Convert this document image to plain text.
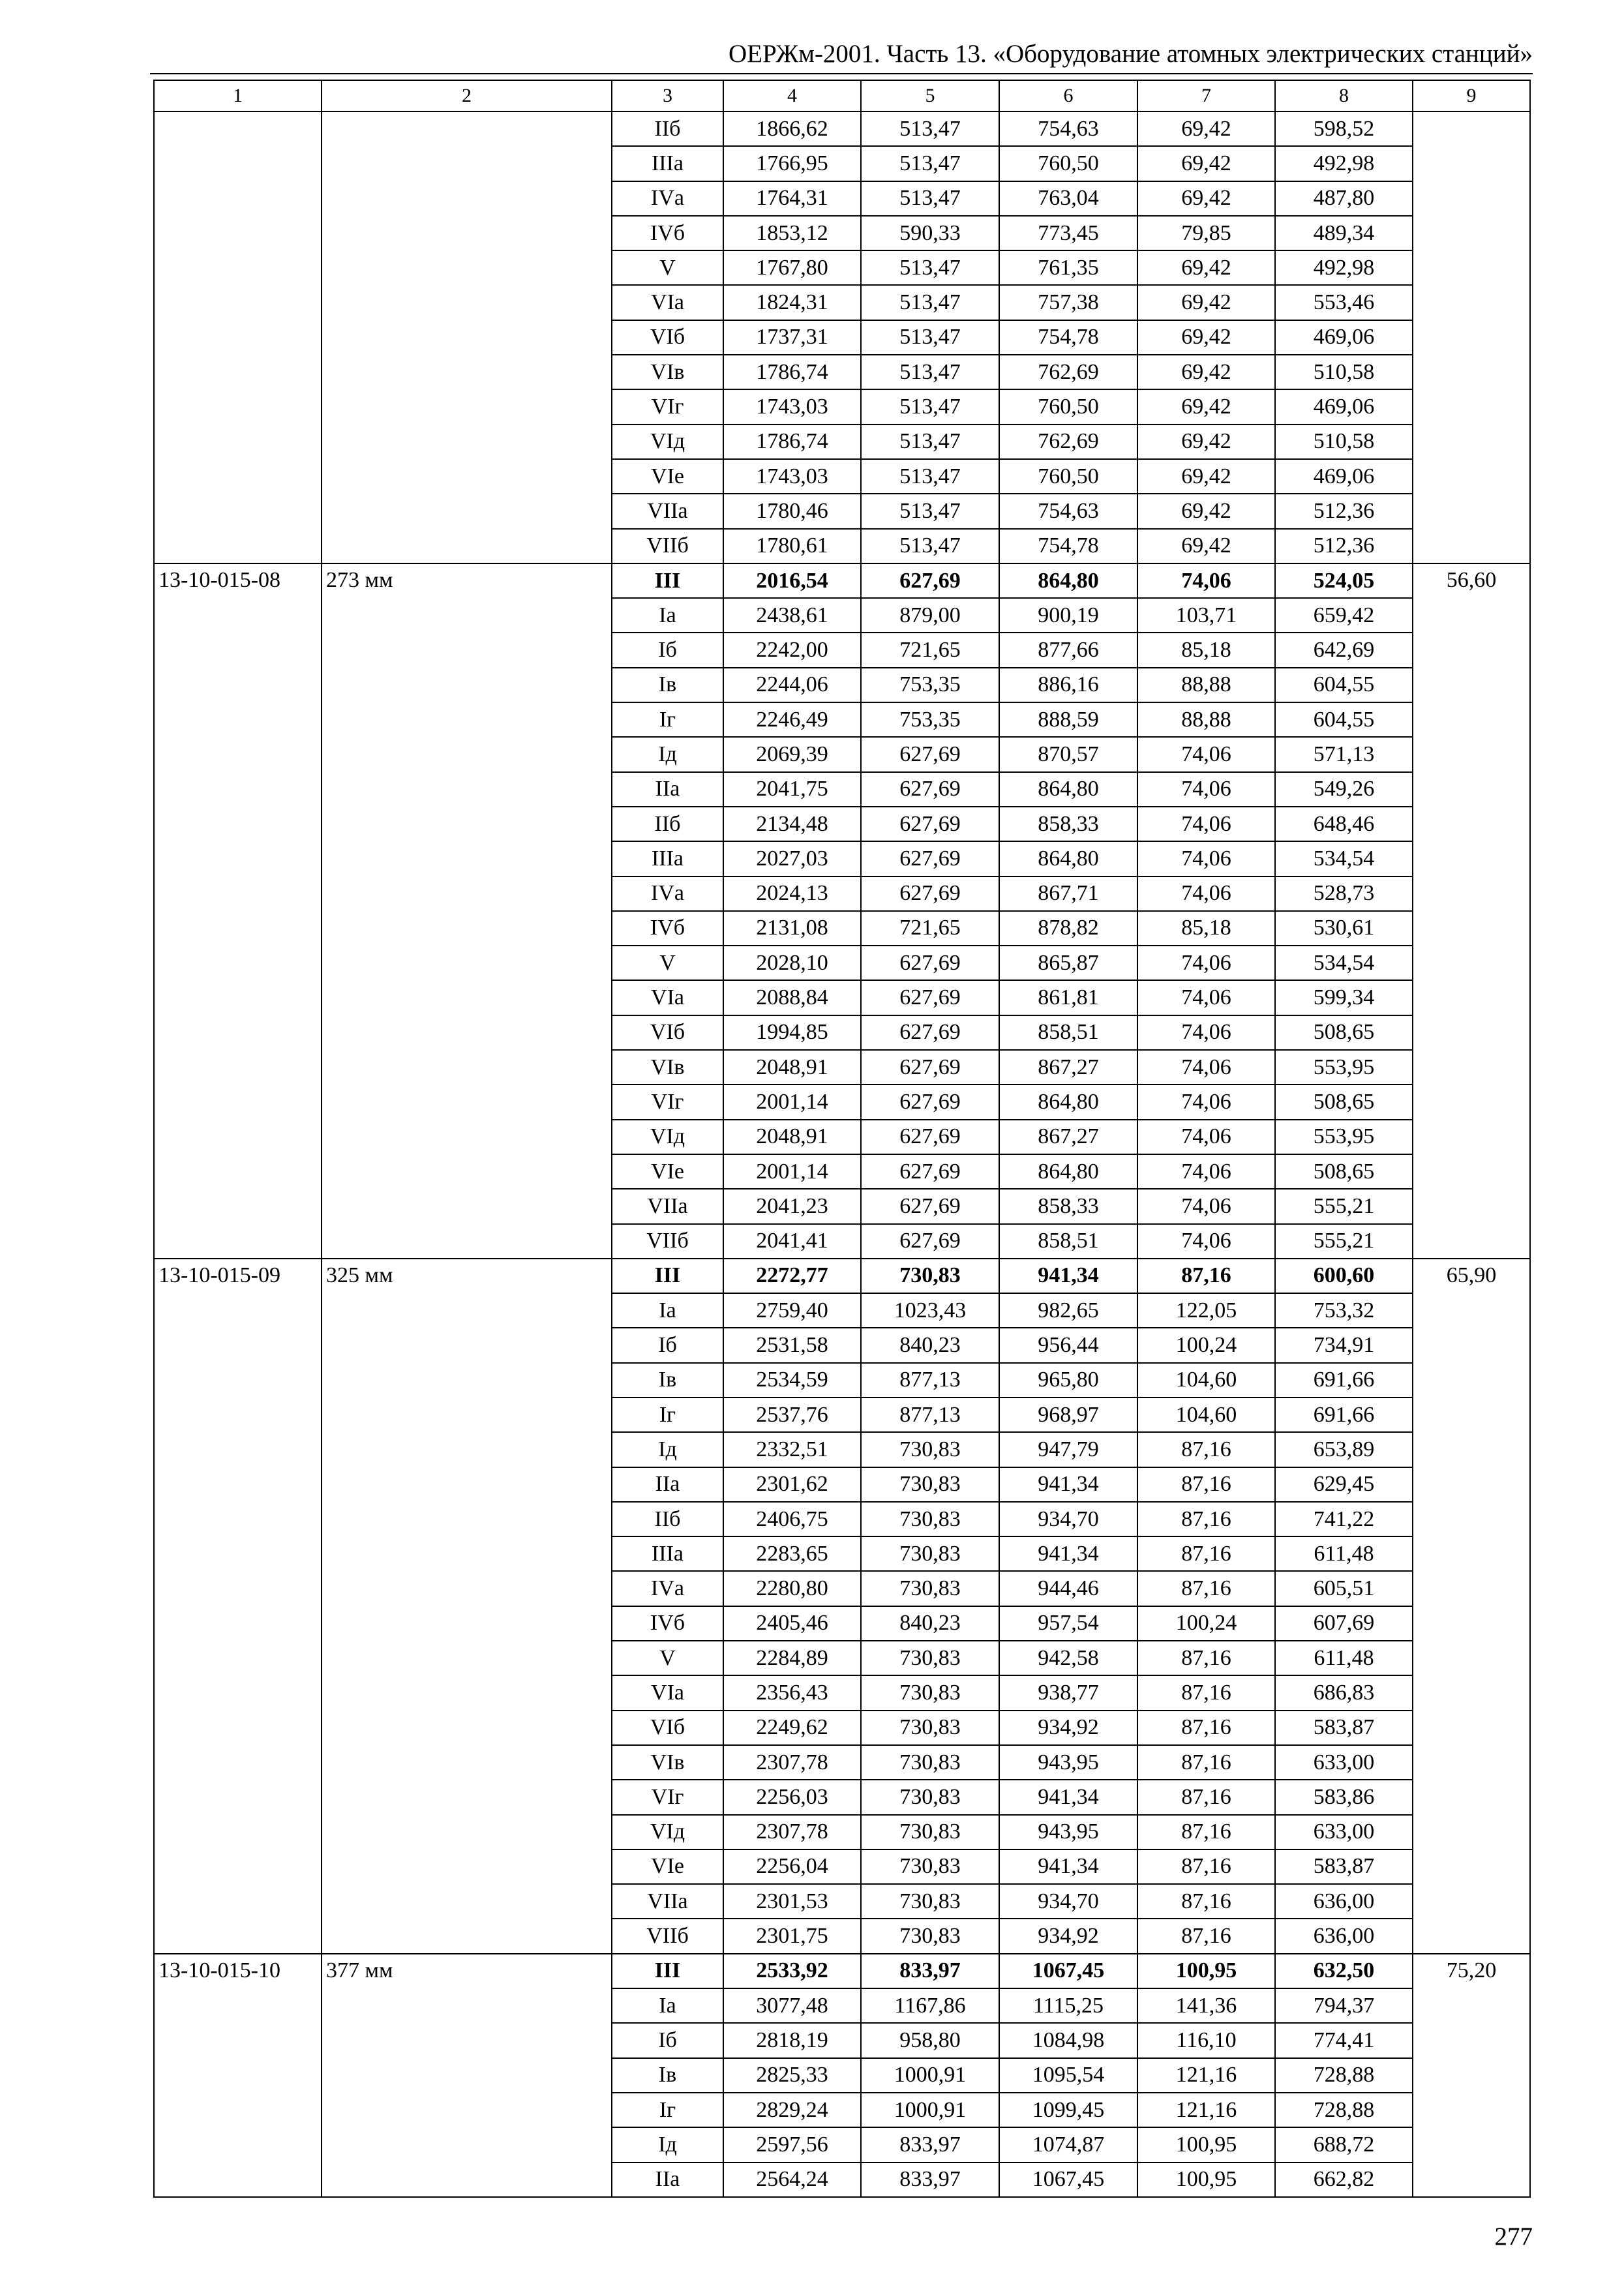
ОЕРЖм-2001. Часть 13. «Оборудование атомных электрических станций»
1	2	3	4	5	6	7	8	9
		IIб	1866,62	513,47	754,63	69,42	598,52	
		IIIа	1766,95	513,47	760,50	69,42	492,98	
		IVа	1764,31	513,47	763,04	69,42	487,80	
		IVб	1853,12	590,33	773,45	79,85	489,34	
		V	1767,80	513,47	761,35	69,42	492,98	
		VIа	1824,31	513,47	757,38	69,42	553,46	
		VIб	1737,31	513,47	754,78	69,42	469,06	
		VIв	1786,74	513,47	762,69	69,42	510,58	
		VIг	1743,03	513,47	760,50	69,42	469,06	
		VIд	1786,74	513,47	762,69	69,42	510,58	
		VIе	1743,03	513,47	760,50	69,42	469,06	
		VIIа	1780,46	513,47	754,63	69,42	512,36	
		VIIб	1780,61	513,47	754,78	69,42	512,36	
13-10-015-08	273 мм	III	2016,54	627,69	864,80	74,06	524,05	56,60
		Iа	2438,61	879,00	900,19	103,71	659,42	
		Iб	2242,00	721,65	877,66	85,18	642,69	
		Iв	2244,06	753,35	886,16	88,88	604,55	
		Iг	2246,49	753,35	888,59	88,88	604,55	
		Iд	2069,39	627,69	870,57	74,06	571,13	
		IIа	2041,75	627,69	864,80	74,06	549,26	
		IIб	2134,48	627,69	858,33	74,06	648,46	
		IIIа	2027,03	627,69	864,80	74,06	534,54	
		IVа	2024,13	627,69	867,71	74,06	528,73	
		IVб	2131,08	721,65	878,82	85,18	530,61	
		V	2028,10	627,69	865,87	74,06	534,54	
		VIа	2088,84	627,69	861,81	74,06	599,34	
		VIб	1994,85	627,69	858,51	74,06	508,65	
		VIв	2048,91	627,69	867,27	74,06	553,95	
		VIг	2001,14	627,69	864,80	74,06	508,65	
		VIд	2048,91	627,69	867,27	74,06	553,95	
		VIе	2001,14	627,69	864,80	74,06	508,65	
		VIIа	2041,23	627,69	858,33	74,06	555,21	
		VIIб	2041,41	627,69	858,51	74,06	555,21	
13-10-015-09	325 мм	III	2272,77	730,83	941,34	87,16	600,60	65,90
		Iа	2759,40	1023,43	982,65	122,05	753,32	
		Iб	2531,58	840,23	956,44	100,24	734,91	
		Iв	2534,59	877,13	965,80	104,60	691,66	
		Iг	2537,76	877,13	968,97	104,60	691,66	
		Iд	2332,51	730,83	947,79	87,16	653,89	
		IIа	2301,62	730,83	941,34	87,16	629,45	
		IIб	2406,75	730,83	934,70	87,16	741,22	
		IIIа	2283,65	730,83	941,34	87,16	611,48	
		IVа	2280,80	730,83	944,46	87,16	605,51	
		IVб	2405,46	840,23	957,54	100,24	607,69	
		V	2284,89	730,83	942,58	87,16	611,48	
		VIа	2356,43	730,83	938,77	87,16	686,83	
		VIб	2249,62	730,83	934,92	87,16	583,87	
		VIв	2307,78	730,83	943,95	87,16	633,00	
		VIг	2256,03	730,83	941,34	87,16	583,86	
		VIд	2307,78	730,83	943,95	87,16	633,00	
		VIе	2256,04	730,83	941,34	87,16	583,87	
		VIIа	2301,53	730,83	934,70	87,16	636,00	
		VIIб	2301,75	730,83	934,92	87,16	636,00	
13-10-015-10	377 мм	III	2533,92	833,97	1067,45	100,95	632,50	75,20
		Iа	3077,48	1167,86	1115,25	141,36	794,37	
		Iб	2818,19	958,80	1084,98	116,10	774,41	
		Iв	2825,33	1000,91	1095,54	121,16	728,88	
		Iг	2829,24	1000,91	1099,45	121,16	728,88	
		Iд	2597,56	833,97	1074,87	100,95	688,72	
		IIа	2564,24	833,97	1067,45	100,95	662,82	
277
